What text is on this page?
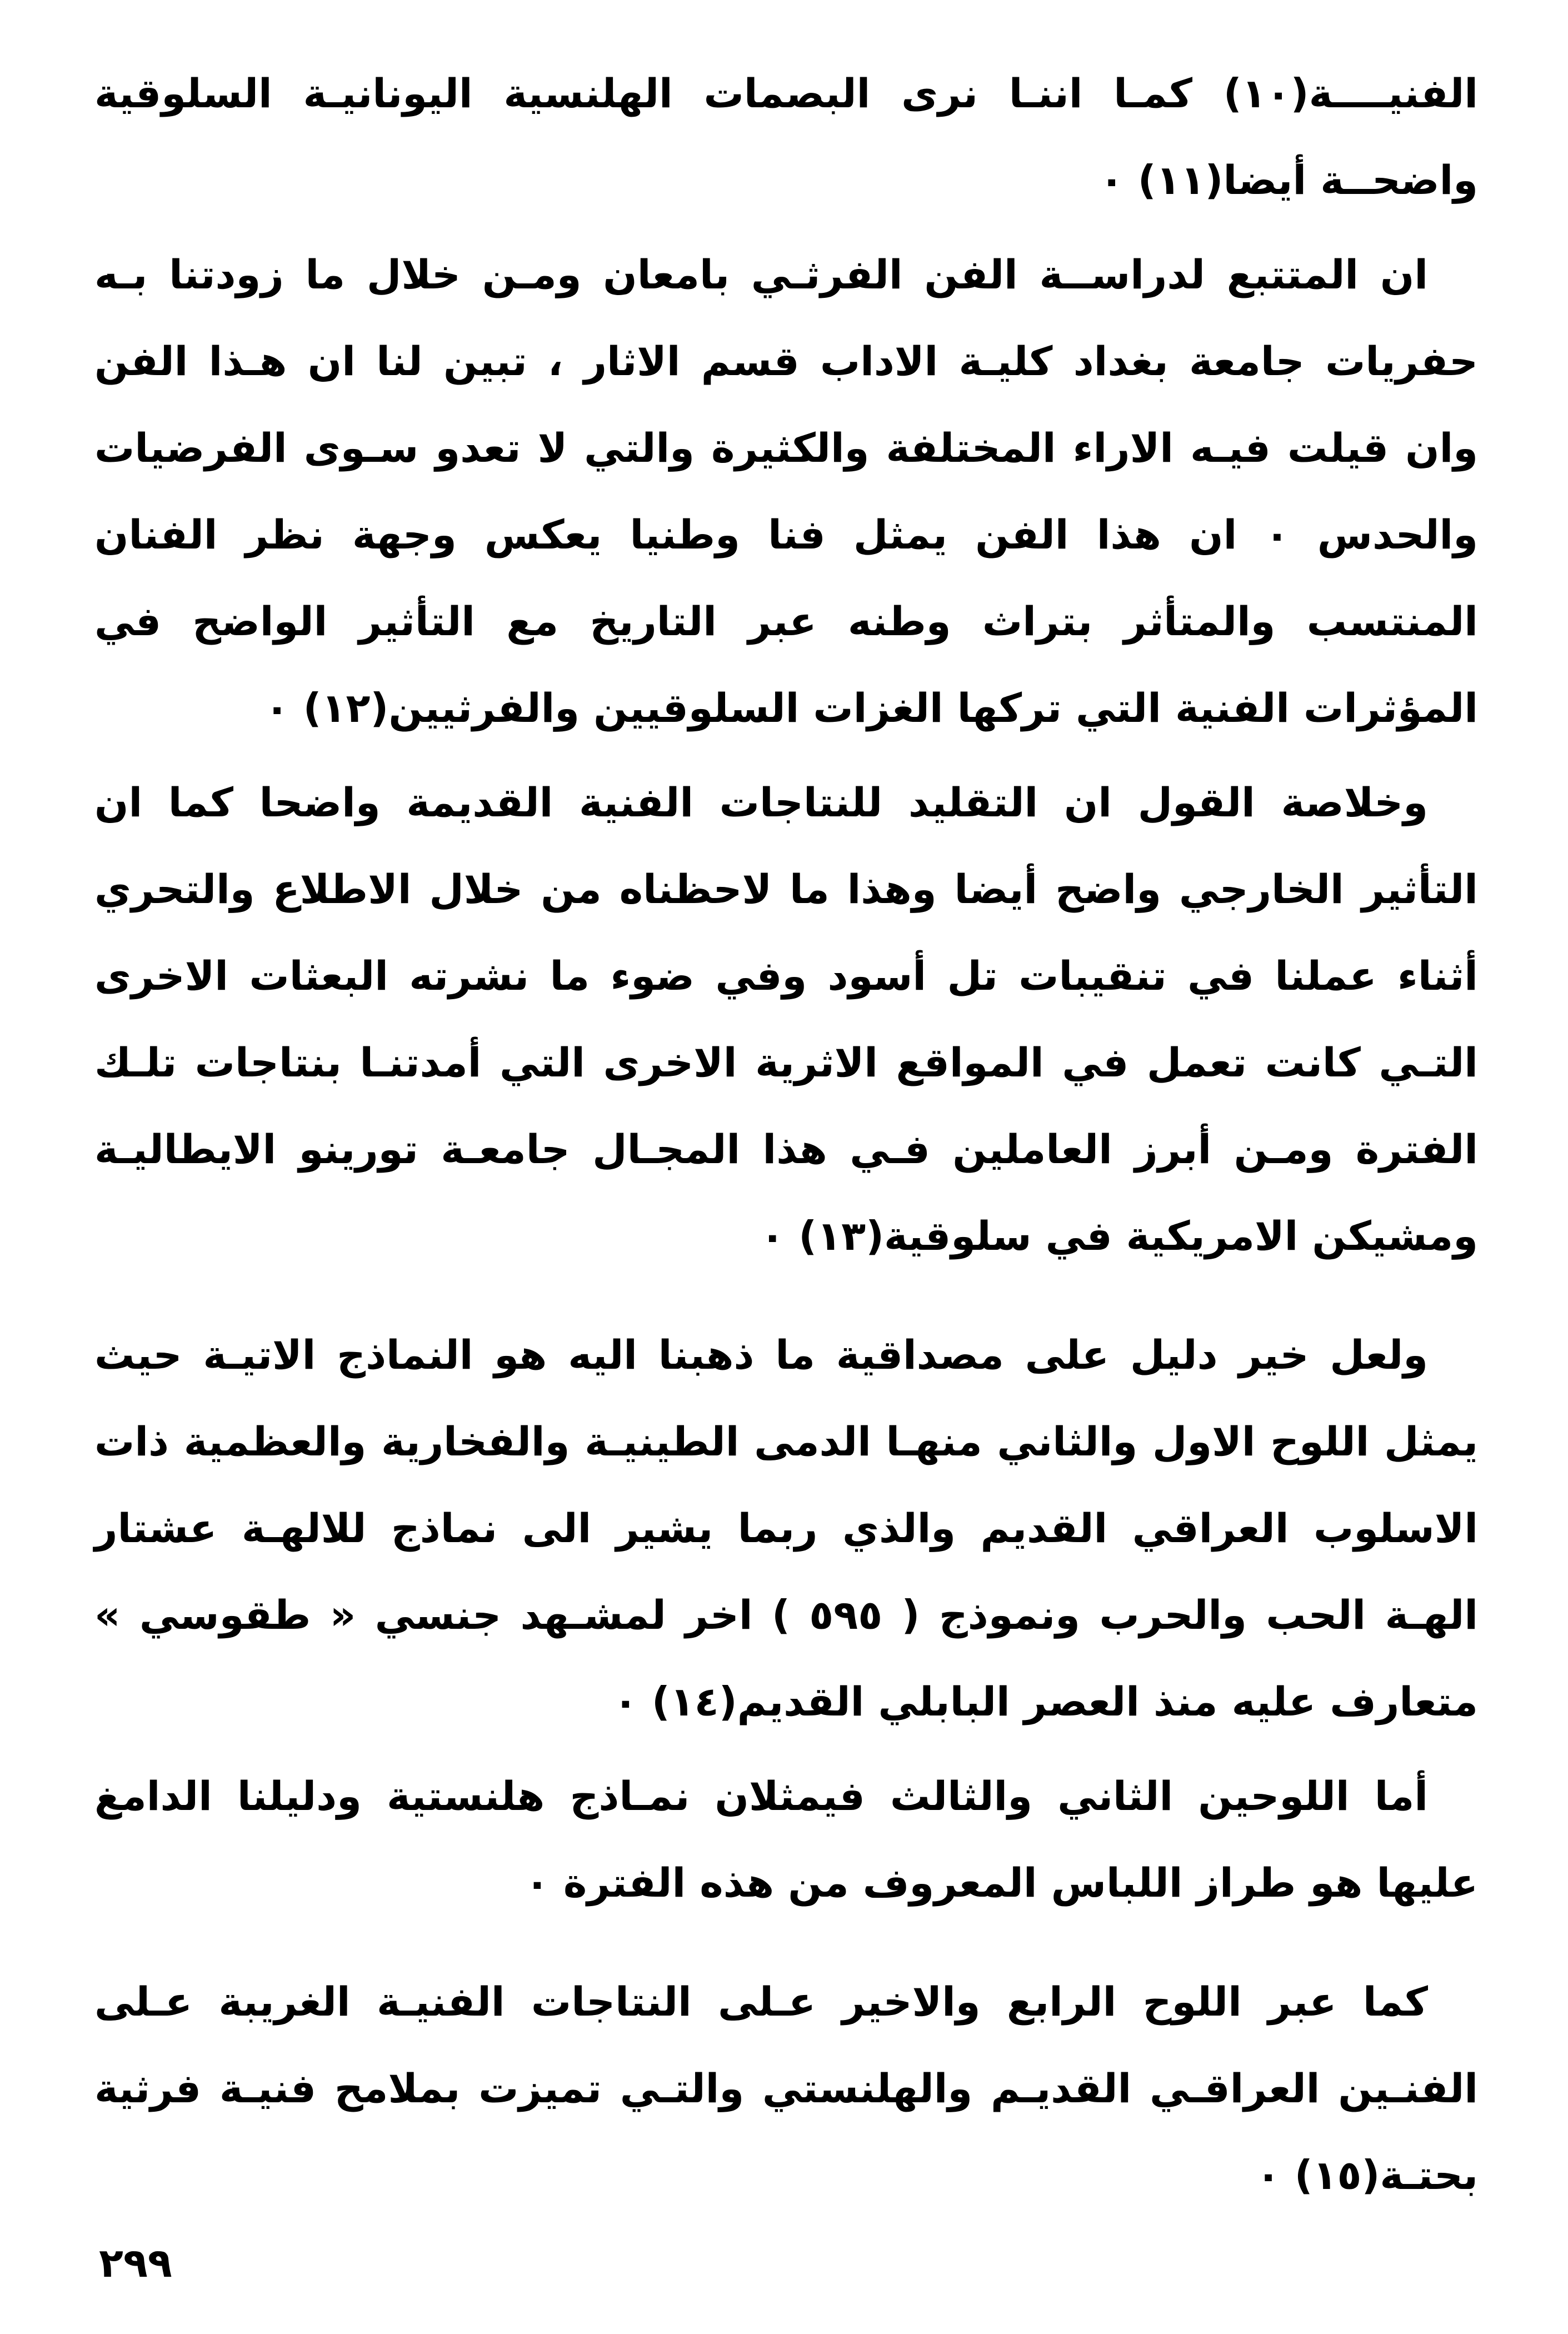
الفنيــــة(١٠) كمـا اننـا نرى البصمات الهلنسية اليونانيـة السلوقية واضحــة أيضا(١١) ٠

ان المتتبع لدراســة الفن الفرثـي بامعان ومـن خلال ما زودتنا بـه حفريات جامعة بغداد كليـة الاداب قسم الاثار ، تبين لنا ان هـذا الفن وان قيلت فيـه الاراء المختلفة والكثيرة والتي لا تعدو سـوى الفرضيات والحدس ٠ ان هذا الفن يمثل فنا وطنيا يعكس وجهة نظر الفنان المنتسب والمتأثر بتراث وطنه عبر التاريخ مع التأثير الواضح في المؤثرات الفنية التي تركها الغزات السلوقيين والفرثيين(١٢) ٠

وخلاصة القول ان التقليد للنتاجات الفنية القديمة واضحا كما ان التأثير الخارجي واضح أيضا وهذا ما لاحظناه من خلال الاطلاع والتحري أثناء عملنا في تنقيبات تل أسود وفي ضوء ما نشرته البعثات الاخرى التـي كانت تعمل في المواقع الاثرية الاخرى التي أمدتنـا بنتاجات تلـك الفترة ومـن أبرز العاملين فـي هذا المجـال جامعـة تورينو الايطاليـة ومشيكن الامريكية في سلوقية(١٣) ٠

ولعل خير دليل على مصداقية ما ذهبنا اليه هو النماذج الاتيـة حيث يمثل اللوح الاول والثاني منهـا الدمى الطينيـة والفخارية والعظمية ذات الاسلوب العراقي القديم والذي ربما يشير الى نماذج للالهـة عشتار الهـة الحب والحرب ونموذج ( ٥٩٥ ) اخر لمشـهد جنسي « طقوسي » متعارف عليه منذ العصر البابلي القديم(١٤) ٠

أما اللوحين الثاني والثالث فيمثلان نمـاذج هلنستية ودليلنا الدامغ عليها هو طراز اللباس المعروف من هذه الفترة ٠

كما عبر اللوح الرابع والاخير عـلى النتاجات الفنيـة الغريبة عـلى الفنـين العراقـي القديـم والهلنستي والتـي تميزت بملامح فنيـة فرثية بحتـة(١٥) ٠

٢٩٩
